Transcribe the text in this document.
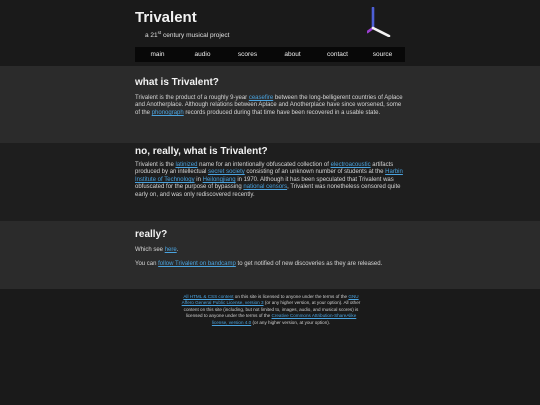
Trivalent
a 21st century musical project
main	audio	scores	about	contact	source
what is Trivalent?

Trivalent is the product of a roughly 9-year ceasefire between the long-belligerent countries of Aplace and Anotherplace. Although relations between Aplace and Anotherplace have since worsened, some of the phonograph records produced during that time have been recovered in a usable state.

no, really, what is Trivalent?

Trivalent is the latinized name for an intentionally obfuscated collection of electroacoustic artifacts produced by an intellectual secret society consisting of an unknown number of students at the Harbin Institute of Technology in Heilongjiang in 1970. Although it has been speculated that Trivalent was obfuscated for the purpose of bypassing national censors, Trivalent was nonetheless censored quite early on, and was only rediscovered recently.

really?

Which see here.

You can follow Trivalent on bandcamp to get notified of new discoveries as they are released.

All HTML & CSS content on this site is licensed to anyone under the terms of the GNU Affero General Public License, version 3 (or any higher version, at your option). All other content on this site (including, but not limited to, images, audio, and musical scores) is licensed to anyone under the terms of the Creative Commons Attribution-ShareAlike license, version 4.0 (or any higher version, at your option).
